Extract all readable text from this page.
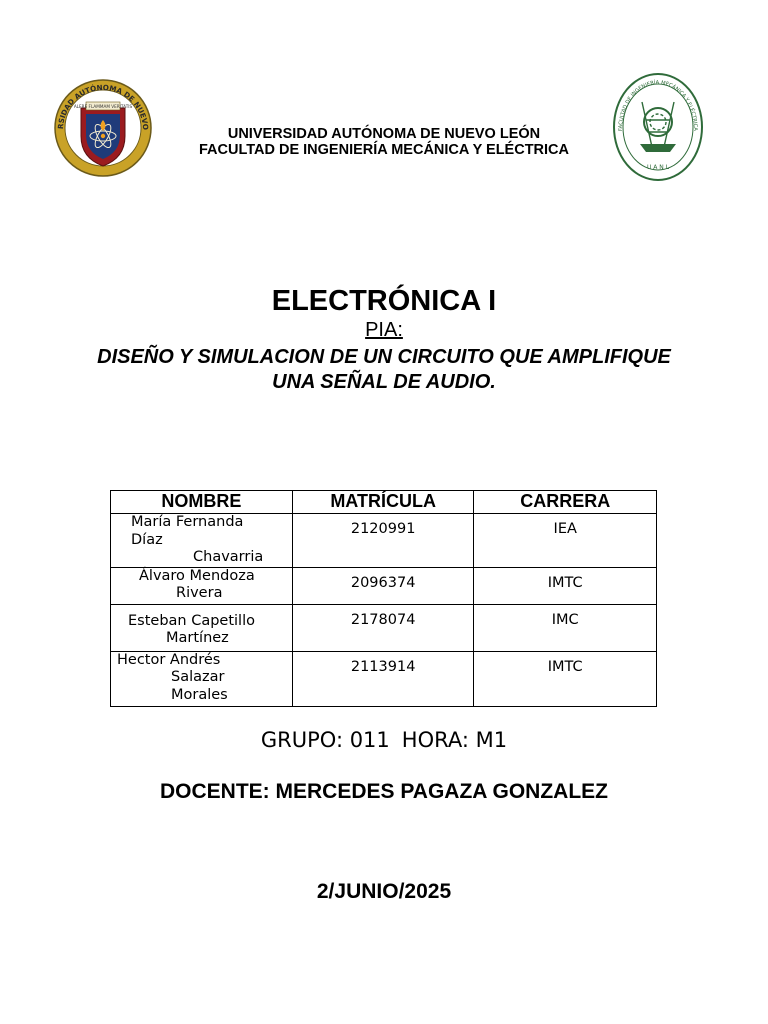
RSIDAD AUTÓNOMA DE NUEVO
ALERE FLAMMAM VERITATIS
FACULTAD DE INGENIERÍA MECÁNICA Y ELÉCTRICA
U A N L
UNIVERSIDAD AUTÓNOMA DE NUEVO LEÓN
FACULTAD DE INGENIERÍA MECÁNICA Y ELÉCTRICA
ELECTRÓNICA I
PIA:
DISEÑO Y SIMULACION DE UN CIRCUITO QUE AMPLIFIQUE
UNA SEÑAL DE AUDIO.
NOMBRE	MATRÍCULA	CARRERA

María Fernanda
Díaz
Chavarria	2120991	IEA

Álvaro Mendoza
Rivera	2096374	IMTC

Esteban Capetillo
Martínez	2178074	IMC

Hector Andrés
Salazar
Morales	2113914	IMTC
GRUPO: 011 HORA: M1
DOCENTE: MERCEDES PAGAZA GONZALEZ
2/JUNIO/2025
